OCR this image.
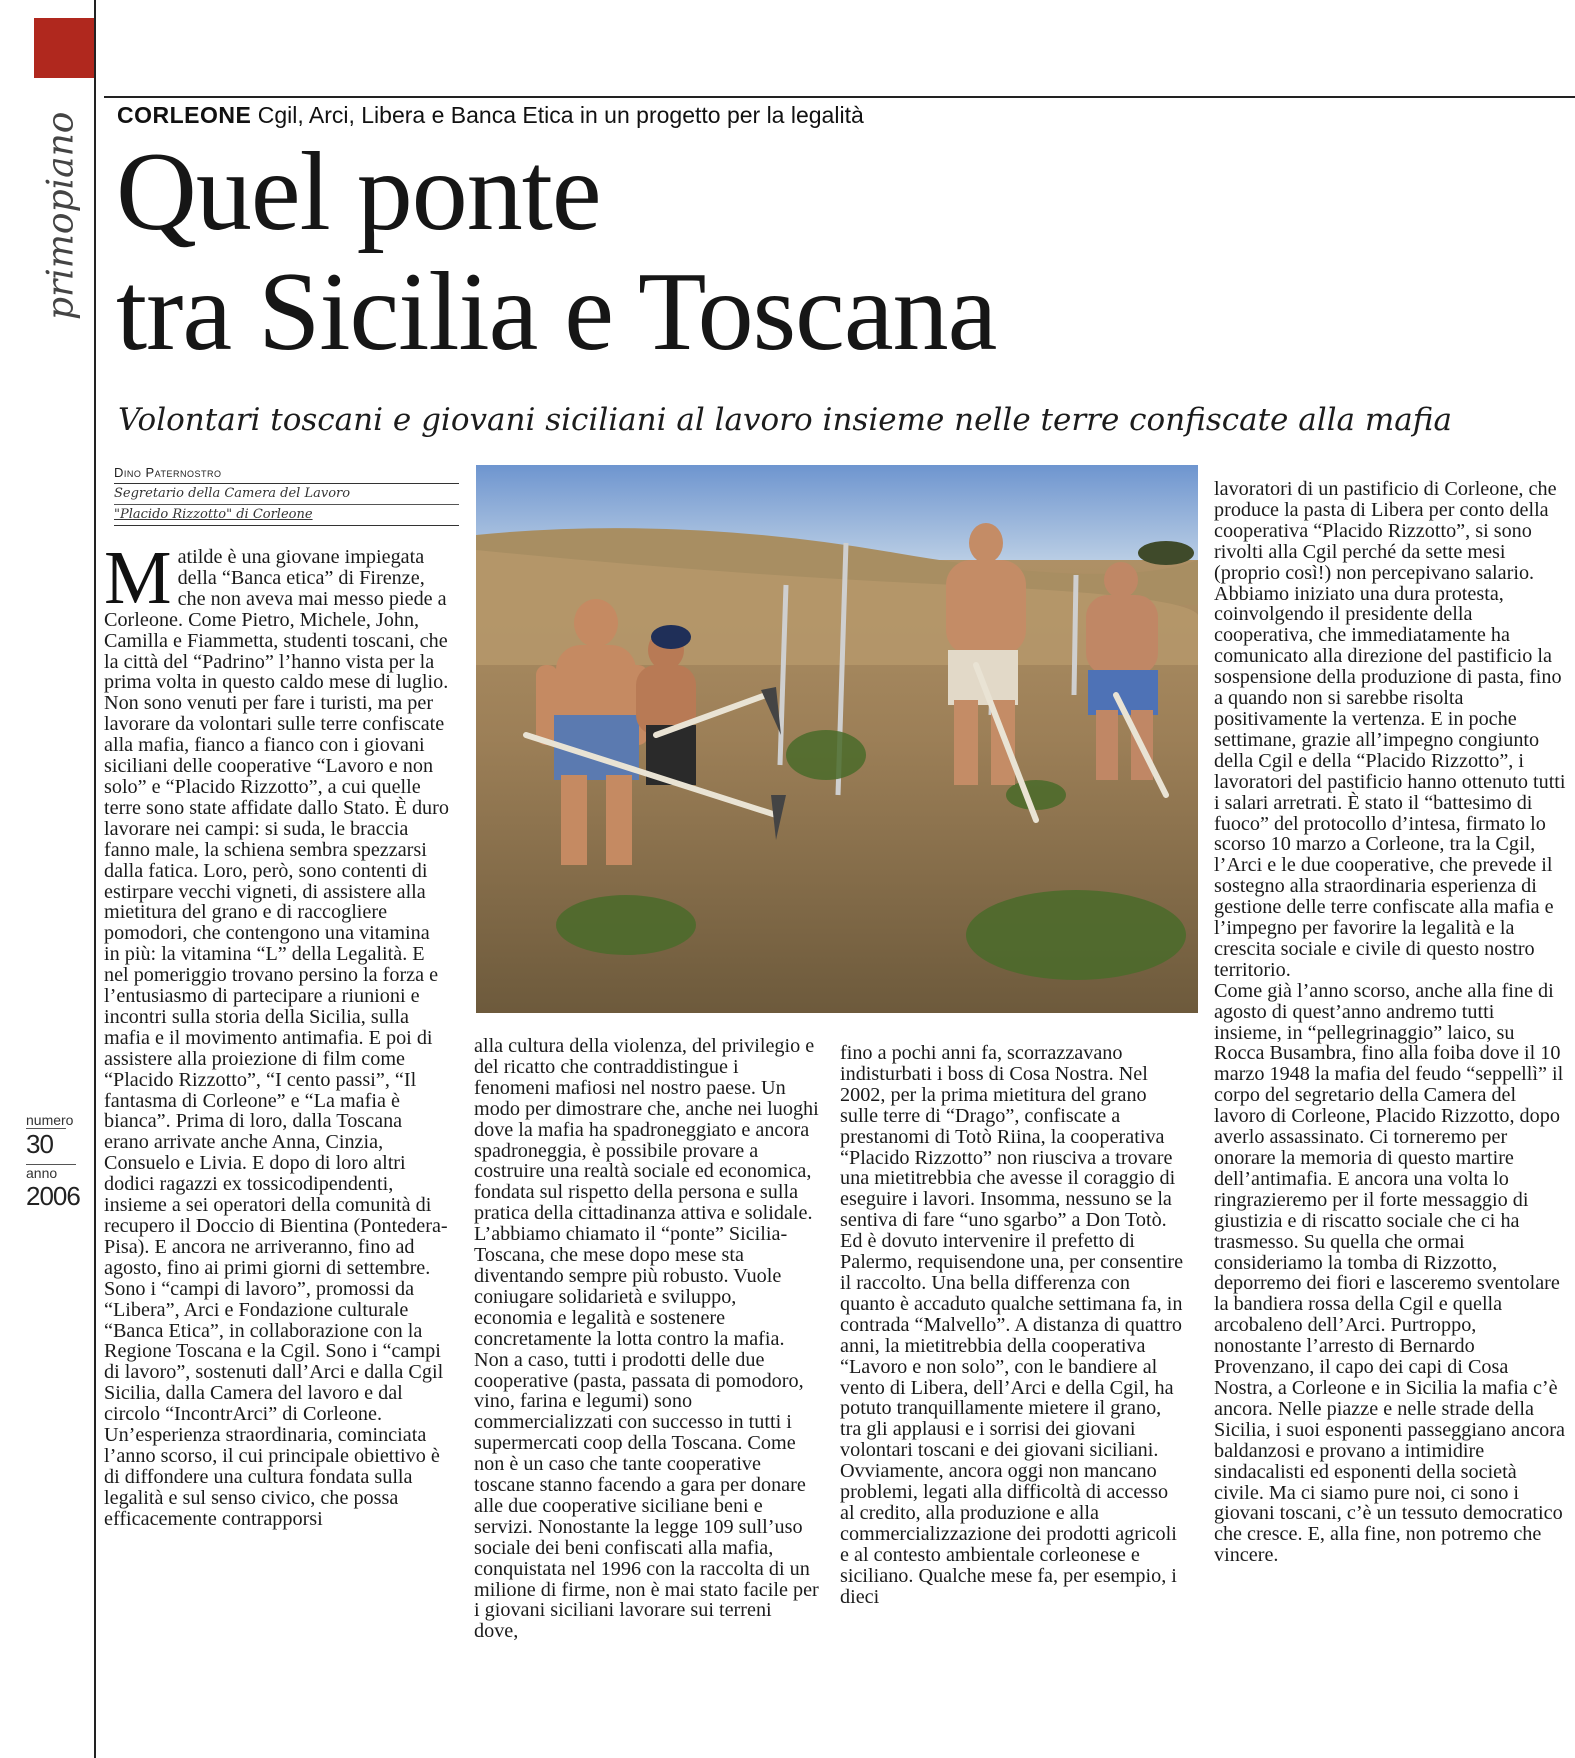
primopiano
numero
30
anno
2006
CORLEONE Cgil, Arci, Libera e Banca Etica in un progetto per la legalità
Quel ponte
tra Sicilia e Toscana
Volontari toscani e giovani siciliani al lavoro insieme nelle terre confiscate alla mafia
Dino Paternostro
Segretario della Camera del Lavoro
"Placido Rizzotto" di Corleone
Matilde è una giovane impiegata della “Banca etica” di Firenze, che non aveva mai messo piede a Corleone. Come Pietro, Michele, John, Camilla e Fiammetta, studenti toscani, che la città del “Padrino” l’hanno vista per la prima volta in questo caldo mese di luglio. Non sono venuti per fare i turisti, ma per lavorare da volontari sulle terre confiscate alla mafia, fianco a fianco con i giovani siciliani delle cooperative “Lavoro e non solo” e “Placido Rizzotto”, a cui quelle terre sono state affidate dallo Stato. È duro lavorare nei campi: si suda, le braccia fanno male, la schiena sembra spezzarsi dalla fatica. Loro, però, sono contenti di estirpare vecchi vigneti, di assistere alla mietitura del grano e di raccogliere pomodori, che contengono una vitamina in più: la vitamina “L” della Legalità. E nel pomeriggio trovano persino la forza e l’entusiasmo di partecipare a riunioni e incontri sulla storia della Sicilia, sulla mafia e il movimento antimafia. E poi di assistere alla proiezione di film come “Placido Rizzotto”, “I cento passi”, “Il fantasma di Corleone” e “La mafia è bianca”. Prima di loro, dalla Toscana erano arrivate anche Anna, Cinzia, Consuelo e Livia. E dopo di loro altri dodici ragazzi ex tossicodipendenti, insieme a sei operatori della comunità di recupero il Doccio di Bientina (Pontedera-Pisa). E ancora ne arriveranno, fino ad agosto, fino ai primi giorni di settembre. Sono i “campi di lavoro”, promossi da “Libera”, Arci e Fondazione culturale “Banca Etica”, in collaborazione con la Regione Toscana e la Cgil. Sono i “campi di lavoro”, sostenuti dall’Arci e dalla Cgil Sicilia, dalla Camera del lavoro e dal circolo “IncontrArci” di Corleone. Un’esperienza straordinaria, cominciata l’anno scorso, il cui principale obiettivo è di diffondere una cultura fondata sulla legalità e sul senso civico, che possa efficacemente contrapporsi

alla cultura della violenza, del privilegio e del ricatto che contraddistingue i fenomeni mafiosi nel nostro paese. Un modo per dimostrare che, anche nei luoghi dove la mafia ha spadroneggiato e ancora spadroneggia, è possibile provare a costruire una realtà sociale ed economica, fondata sul rispetto della persona e sulla pratica della cittadinanza attiva e solidale. L’abbiamo chiamato il “ponte” Sicilia-Toscana, che mese dopo mese sta diventando sempre più robusto. Vuole coniugare solidarietà e sviluppo, economia e legalità e sostenere concretamente la lotta contro la mafia. Non a caso, tutti i prodotti delle due cooperative (pasta, passata di pomodoro, vino, farina e legumi) sono commercializzati con successo in tutti i supermercati coop della Toscana. Come non è un caso che tante cooperative toscane stanno facendo a gara per donare alle due cooperative siciliane beni e servizi. Nonostante la legge 109 sull’uso sociale dei beni confiscati alla mafia, conquistata nel 1996 con la raccolta di un milione di firme, non è mai stato facile per i giovani siciliani lavorare sui terreni dove,

fino a pochi anni fa, scorrazzavano indisturbati i boss di Cosa Nostra. Nel 2002, per la prima mietitura del grano sulle terre di “Drago”, confiscate a prestanomi di Totò Riina, la cooperativa “Placido Rizzotto” non riusciva a trovare una mietitrebbia che avesse il coraggio di eseguire i lavori. Insomma, nessuno se la sentiva di fare “uno sgarbo” a Don Totò. Ed è dovuto intervenire il prefetto di Palermo, requisendone una, per consentire il raccolto. Una bella differenza con quanto è accaduto qualche settimana fa, in contrada “Malvello”. A distanza di quattro anni, la mietitrebbia della cooperativa “Lavoro e non solo”, con le bandiere al vento di Libera, dell’Arci e della Cgil, ha potuto tranquillamente mietere il grano, tra gli applausi e i sorrisi dei giovani volontari toscani e dei giovani siciliani.

Ovviamente, ancora oggi non mancano problemi, legati alla difficoltà di accesso al credito, alla produzione e alla commercializzazione dei prodotti agricoli e al contesto ambientale corleonese e siciliano. Qualche mese fa, per esempio, i dieci

lavoratori di un pastificio di Corleone, che produce la pasta di Libera per conto della cooperativa “Placido Rizzotto”, si sono rivolti alla Cgil perché da sette mesi (proprio così!) non percepivano salario. Abbiamo iniziato una dura protesta, coinvolgendo il presidente della cooperativa, che immediatamente ha comunicato alla direzione del pastificio la sospensione della produzione di pasta, fino a quando non si sarebbe risolta positivamente la vertenza. E in poche settimane, grazie all’impegno congiunto della Cgil e della “Placido Rizzotto”, i lavoratori del pastificio hanno ottenuto tutti i salari arretrati. È stato il “battesimo di fuoco” del protocollo d’intesa, firmato lo scorso 10 marzo a Corleone, tra la Cgil, l’Arci e le due cooperative, che prevede il sostegno alla straordinaria esperienza di gestione delle terre confiscate alla mafia e l’impegno per favorire la legalità e la crescita sociale e civile di questo nostro territorio.

Come già l’anno scorso, anche alla fine di agosto di quest’anno andremo tutti insieme, in “pellegrinaggio” laico, su Rocca Busambra, fino alla foiba dove il 10 marzo 1948 la mafia del feudo “seppellì” il corpo del segretario della Camera del lavoro di Corleone, Placido Rizzotto, dopo averlo assassinato. Ci torneremo per onorare la memoria di questo martire dell’antimafia. E ancora una volta lo ringrazieremo per il forte messaggio di giustizia e di riscatto sociale che ci ha trasmesso. Su quella che ormai consideriamo la tomba di Rizzotto, deporremo dei fiori e lasceremo sventolare la bandiera rossa della Cgil e quella arcobaleno dell’Arci. Purtroppo, nonostante l’arresto di Bernardo Provenzano, il capo dei capi di Cosa Nostra, a Corleone e in Sicilia la mafia c’è ancora. Nelle piazze e nelle strade della Sicilia, i suoi esponenti passeggiano ancora baldanzosi e provano a intimidire sindacalisti ed esponenti della società civile. Ma ci siamo pure noi, ci sono i giovani toscani, c’è un tessuto democratico che cresce. E, alla fine, non potremo che vincere.
